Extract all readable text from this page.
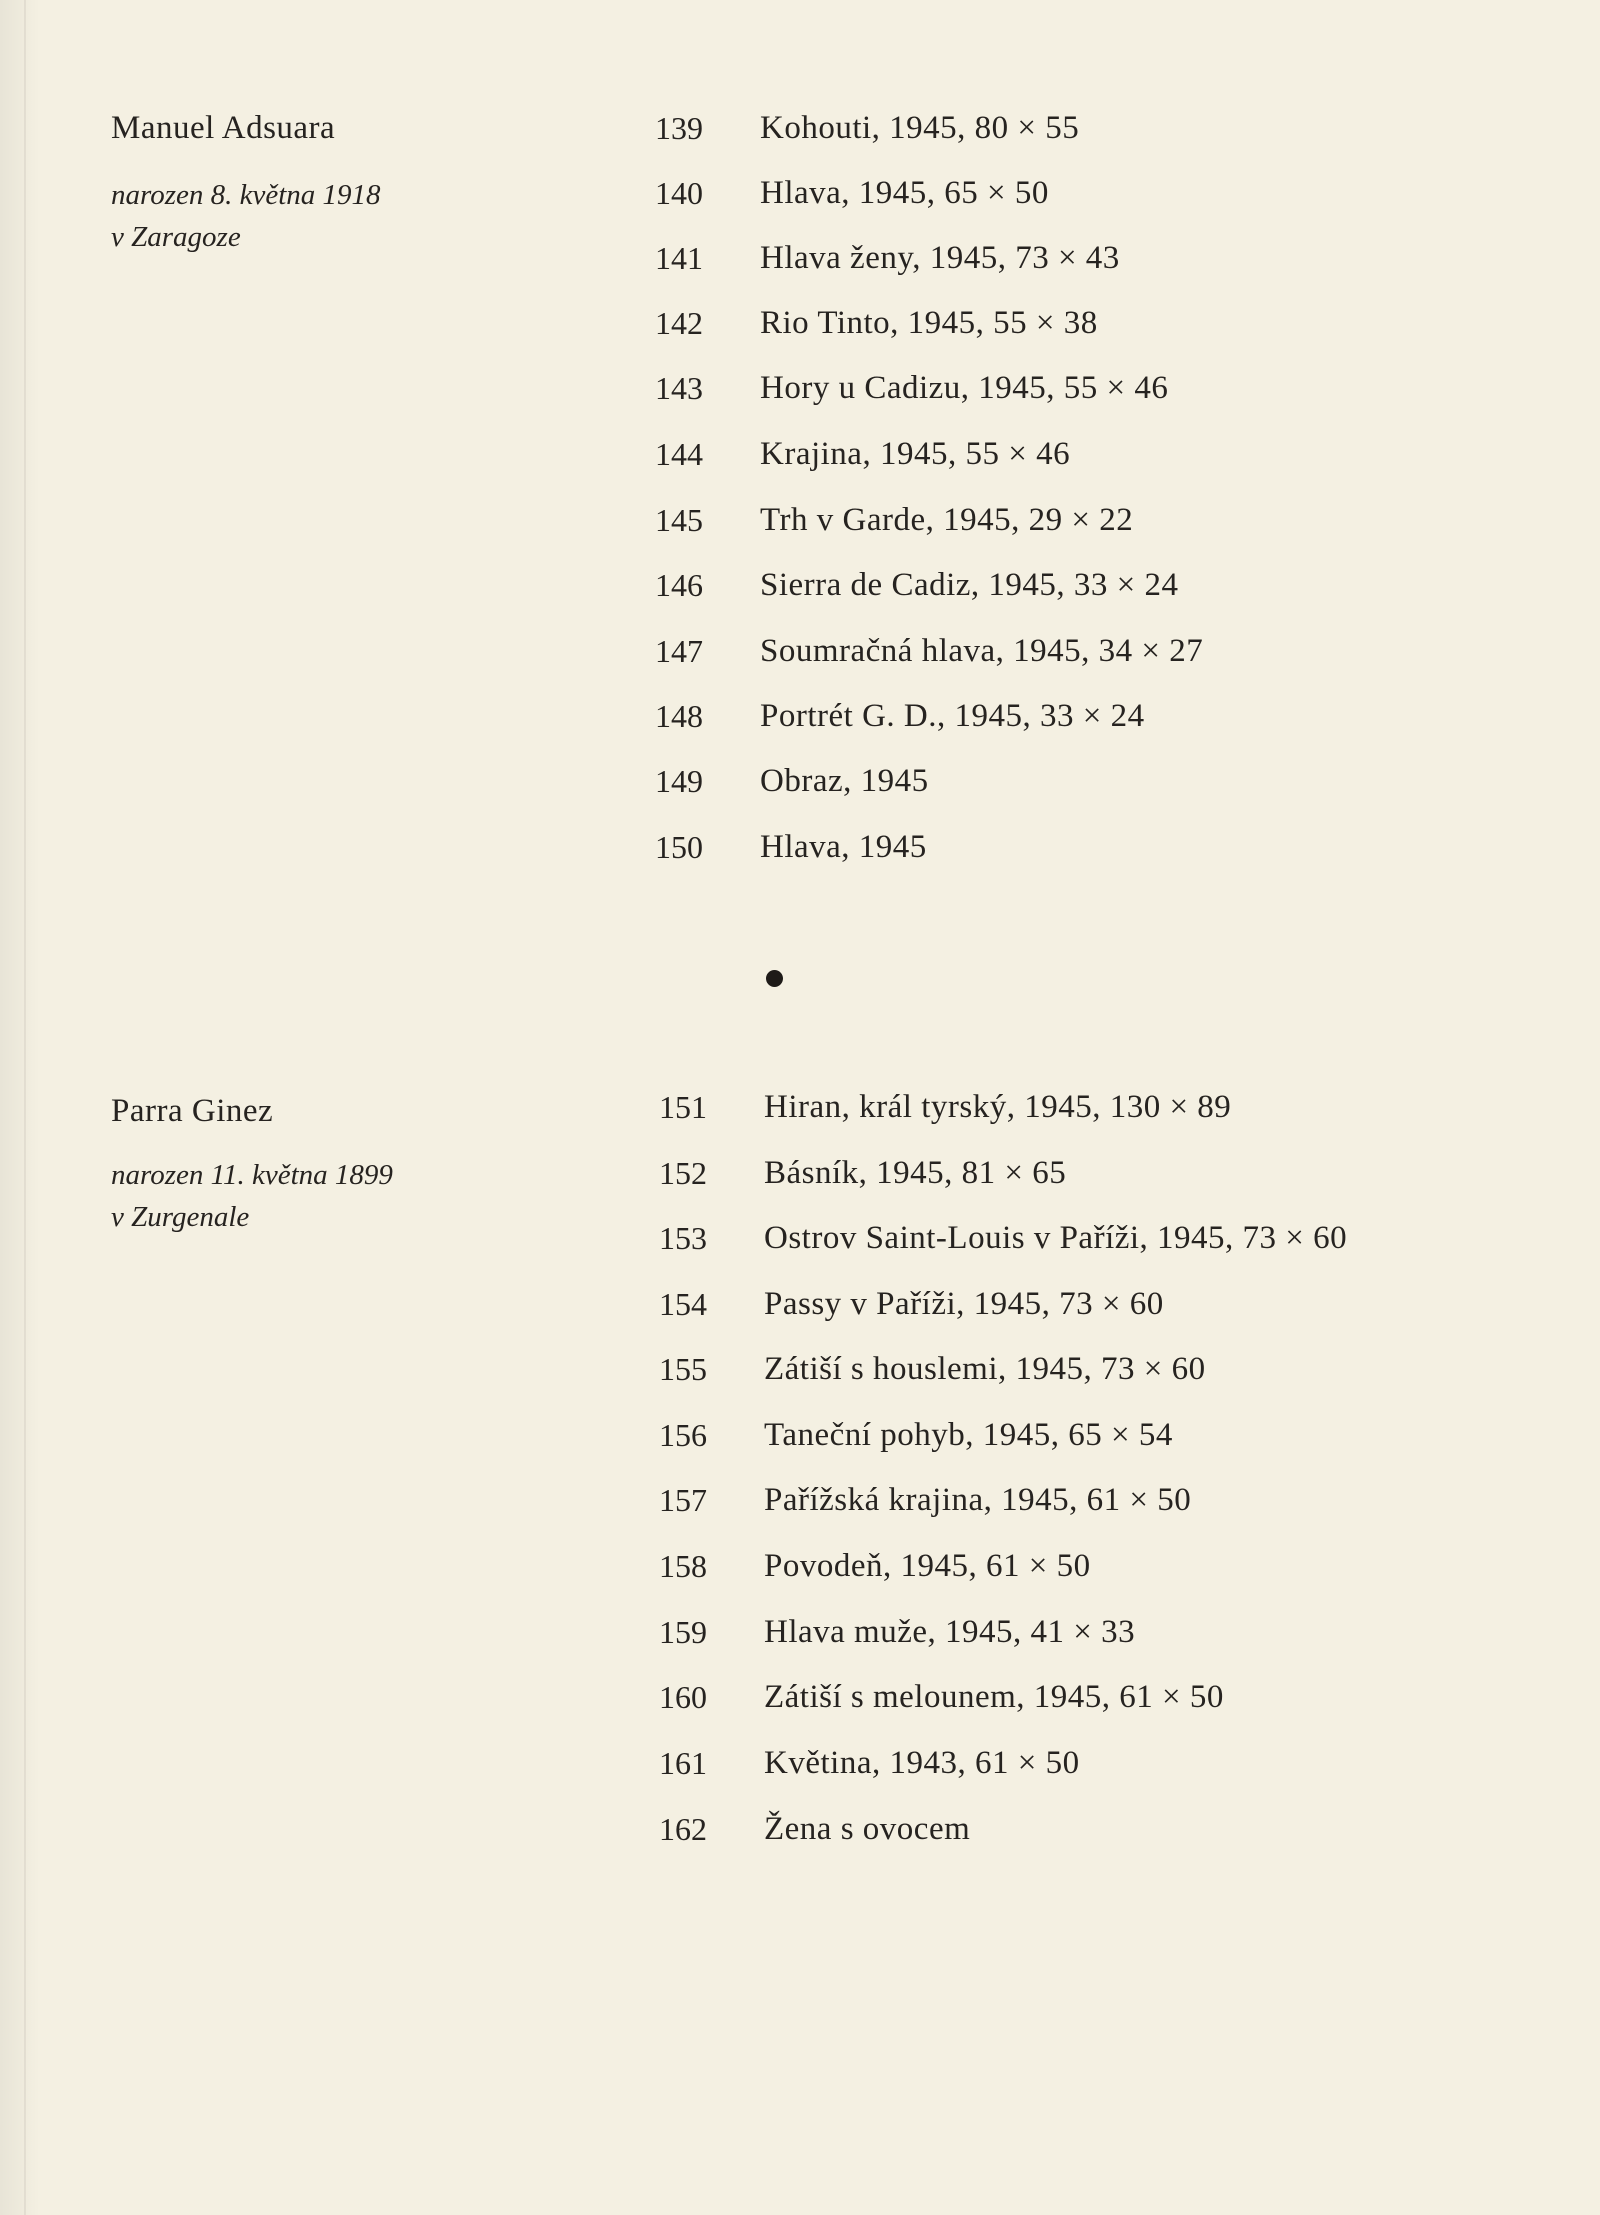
Manuel Adsuara
narozen 8. května 1918
v Zaragoze
139 Kohouti, 1945, 80 × 55
140 Hlava, 1945, 65 × 50
141 Hlava ženy, 1945, 73 × 43
142 Rio Tinto, 1945, 55 × 38
143 Hory u Cadizu, 1945, 55 × 46
144 Krajina, 1945, 55 × 46
145 Trh v Garde, 1945, 29 × 22
146 Sierra de Cadiz, 1945, 33 × 24
147 Soumračná hlava, 1945, 34 × 27
148 Portrét G. D., 1945, 33 × 24
149 Obraz, 1945
150 Hlava, 1945
Parra Ginez
narozen 11. května 1899
v Zurgenale
151 Hiran, král tyrský, 1945, 130 × 89
152 Básník, 1945, 81 × 65
153 Ostrov Saint-Louis v Paříži, 1945, 73 × 60
154 Passy v Paříži, 1945, 73 × 60
155 Zátiší s houslemi, 1945, 73 × 60
156 Taneční pohyb, 1945, 65 × 54
157 Pařížská krajina, 1945, 61 × 50
158 Povodeň, 1945, 61 × 50
159 Hlava muže, 1945, 41 × 33
160 Zátiší s melounem, 1945, 61 × 50
161 Květina, 1943, 61 × 50
162 Žena s ovocem
